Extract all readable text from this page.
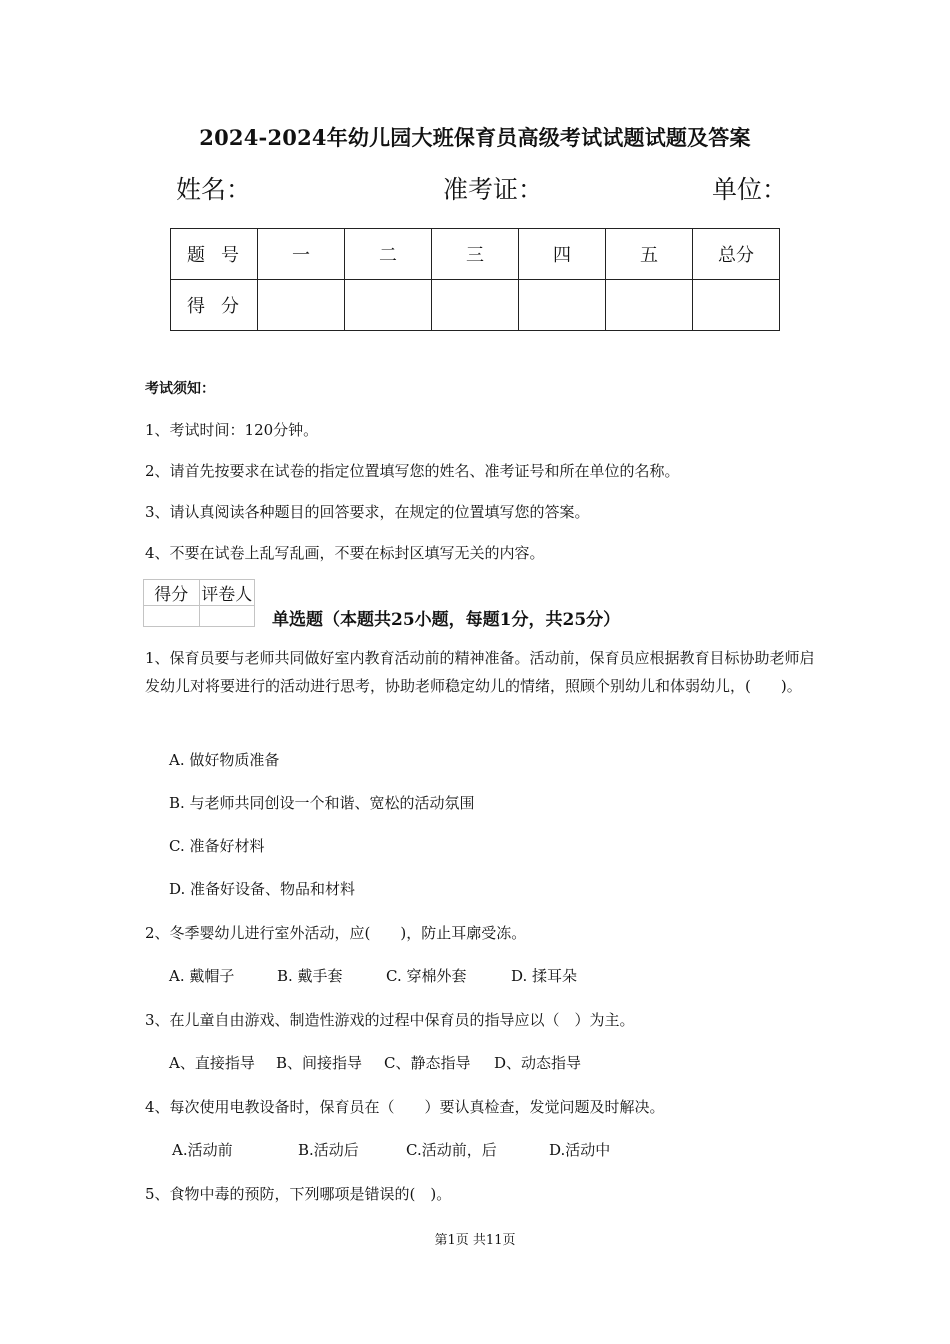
2024-2024年幼儿园大班保育员高级考试试题试题及答案
姓名：	准考证：	单位：
题号	一	二	三	四	五	总分
得分						
考试须知：
1、考试时间：120分钟。
2、请首先按要求在试卷的指定位置填写您的姓名、准考证号和所在单位的名称。
3、请认真阅读各种题目的回答要求，在规定的位置填写您的答案。
4、不要在试卷上乱写乱画，不要在标封区填写无关的内容。
得分	评卷人

单选题（本题共25小题，每题1分，共25分）
1、保育员要与老师共同做好室内教育活动前的精神准备。活动前，保育员应根据教育目标协助老师启发幼儿对将要进行的活动进行思考，协助老师稳定幼儿的情绪，照顾个别幼儿和体弱幼儿，(　　)。
A. 做好物质准备
B. 与老师共同创设一个和谐、宽松的活动氛围
C. 准备好材料
D. 准备好设备、物品和材料
2、冬季婴幼儿进行室外活动，应(　　)，防止耳廓受冻。
A. 戴帽子	B. 戴手套	C. 穿棉外套	D. 揉耳朵
3、在儿童自由游戏、制造性游戏的过程中保育员的指导应以（　）为主。
A、直接指导 B、间接指导 C、静态指导 D、动态指导
4、每次使用电教设备时，保育员在（　　）要认真检查，发觉问题及时解决。
A.活动前	B.活动后	C.活动前，后	D.活动中
5、食物中毒的预防，下列哪项是错误的(　)。
第1页 共11页
